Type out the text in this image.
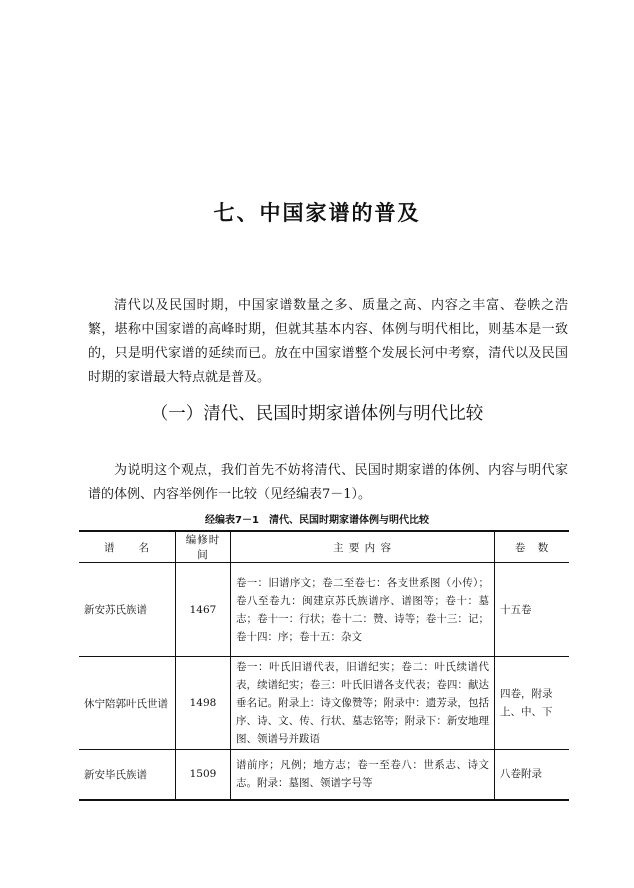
七、中国家谱的普及

清代以及民国时期，中国家谱数量之多、质量之高、内容之丰富、卷帙之浩繁，堪称中国家谱的高峰时期，但就其基本内容、体例与明代相比，则基本是一致的，只是明代家谱的延续而已。放在中国家谱整个发展长河中考察，清代以及民国时期的家谱最大特点就是普及。

（一）清代、民国时期家谱体例与明代比较

为说明这个观点，我们首先不妨将清代、民国时期家谱的体例、内容与明代家谱的体例、内容举例作一比较（见经编表7－1）。

经编表7－1　清代、民国时期家谱体例与明代比较
谱　　名	编修时间	主 要 内 容	卷　数
新安苏氏族谱	1467	卷一：旧谱序文；卷二至卷七：各支世系图（小传）；卷八至卷九：闽建京苏氏族谱序、谱图等；卷十：墓志；卷十一：行状；卷十二：赞、诗等；卷十三：记；卷十四：序；卷十五：杂文	十五卷
休宁陪郭叶氏世谱	1498	卷一：叶氏旧谱代表，旧谱纪实；卷二：叶氏续谱代表，续谱纪实；卷三：叶氏旧谱各支代表；卷四：献达垂名记。附录上：诗文像赞等；附录中：遗芳录，包括序、诗、文、传、行状、墓志铭等；附录下：新安地理图、领谱号并跋语	四卷，附录上、中、下
新安毕氏族谱	1509	谱前序；凡例；地方志；卷一至卷八：世系志、诗文志。附录：墓图、领谱字号等	八卷附录
